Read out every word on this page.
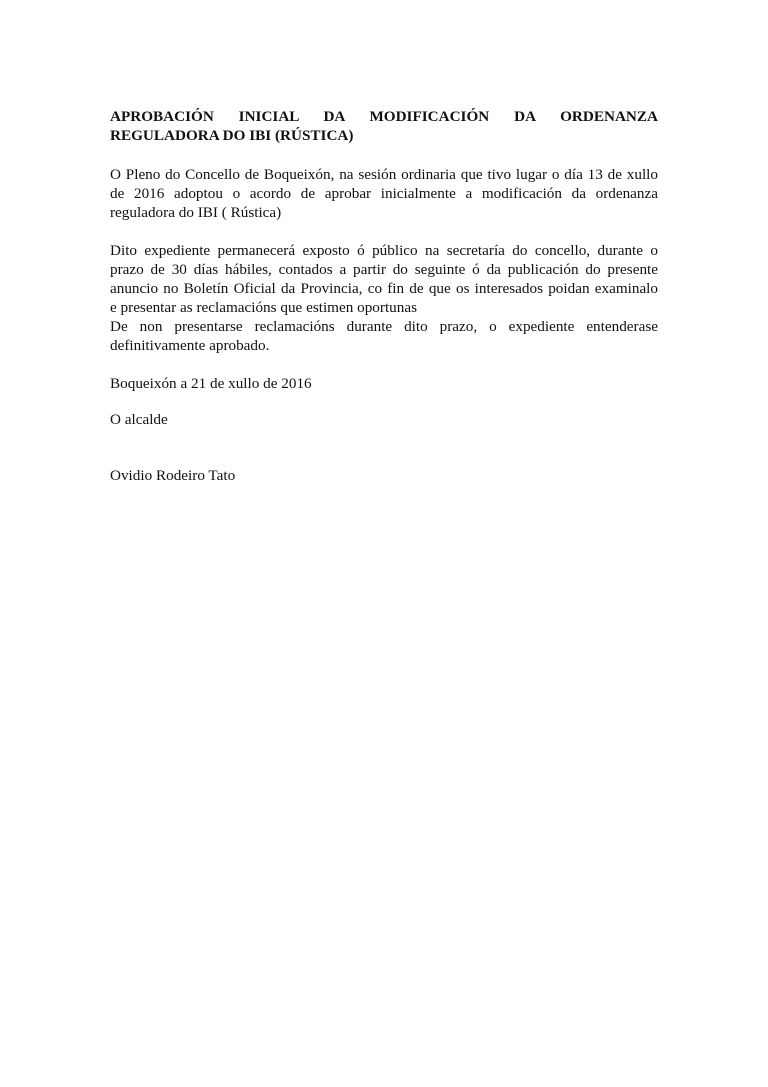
APROBACIÓN INICIAL DA MODIFICACIÓN DA ORDENANZA
REGULADORA DO IBI (RÚSTICA)
O Pleno do Concello de Boqueixón, na sesión ordinaria que tivo lugar o día 13 de xullo
de 2016 adoptou o acordo de aprobar inicialmente a modificación da ordenanza
reguladora do IBI ( Rústica)
Dito expediente permanecerá exposto ó público na secretaría do concello, durante o
prazo de 30 días hábiles, contados a partir do seguinte ó da publicación do presente
anuncio no Boletín Oficial da Provincia, co fin de que os interesados poidan examinalo
e presentar as reclamacións que estimen oportunas
De non presentarse reclamacións durante dito prazo, o expediente entenderase
definitivamente aprobado.
Boqueixón a 21 de xullo de 2016
O alcalde
Ovidio Rodeiro Tato
